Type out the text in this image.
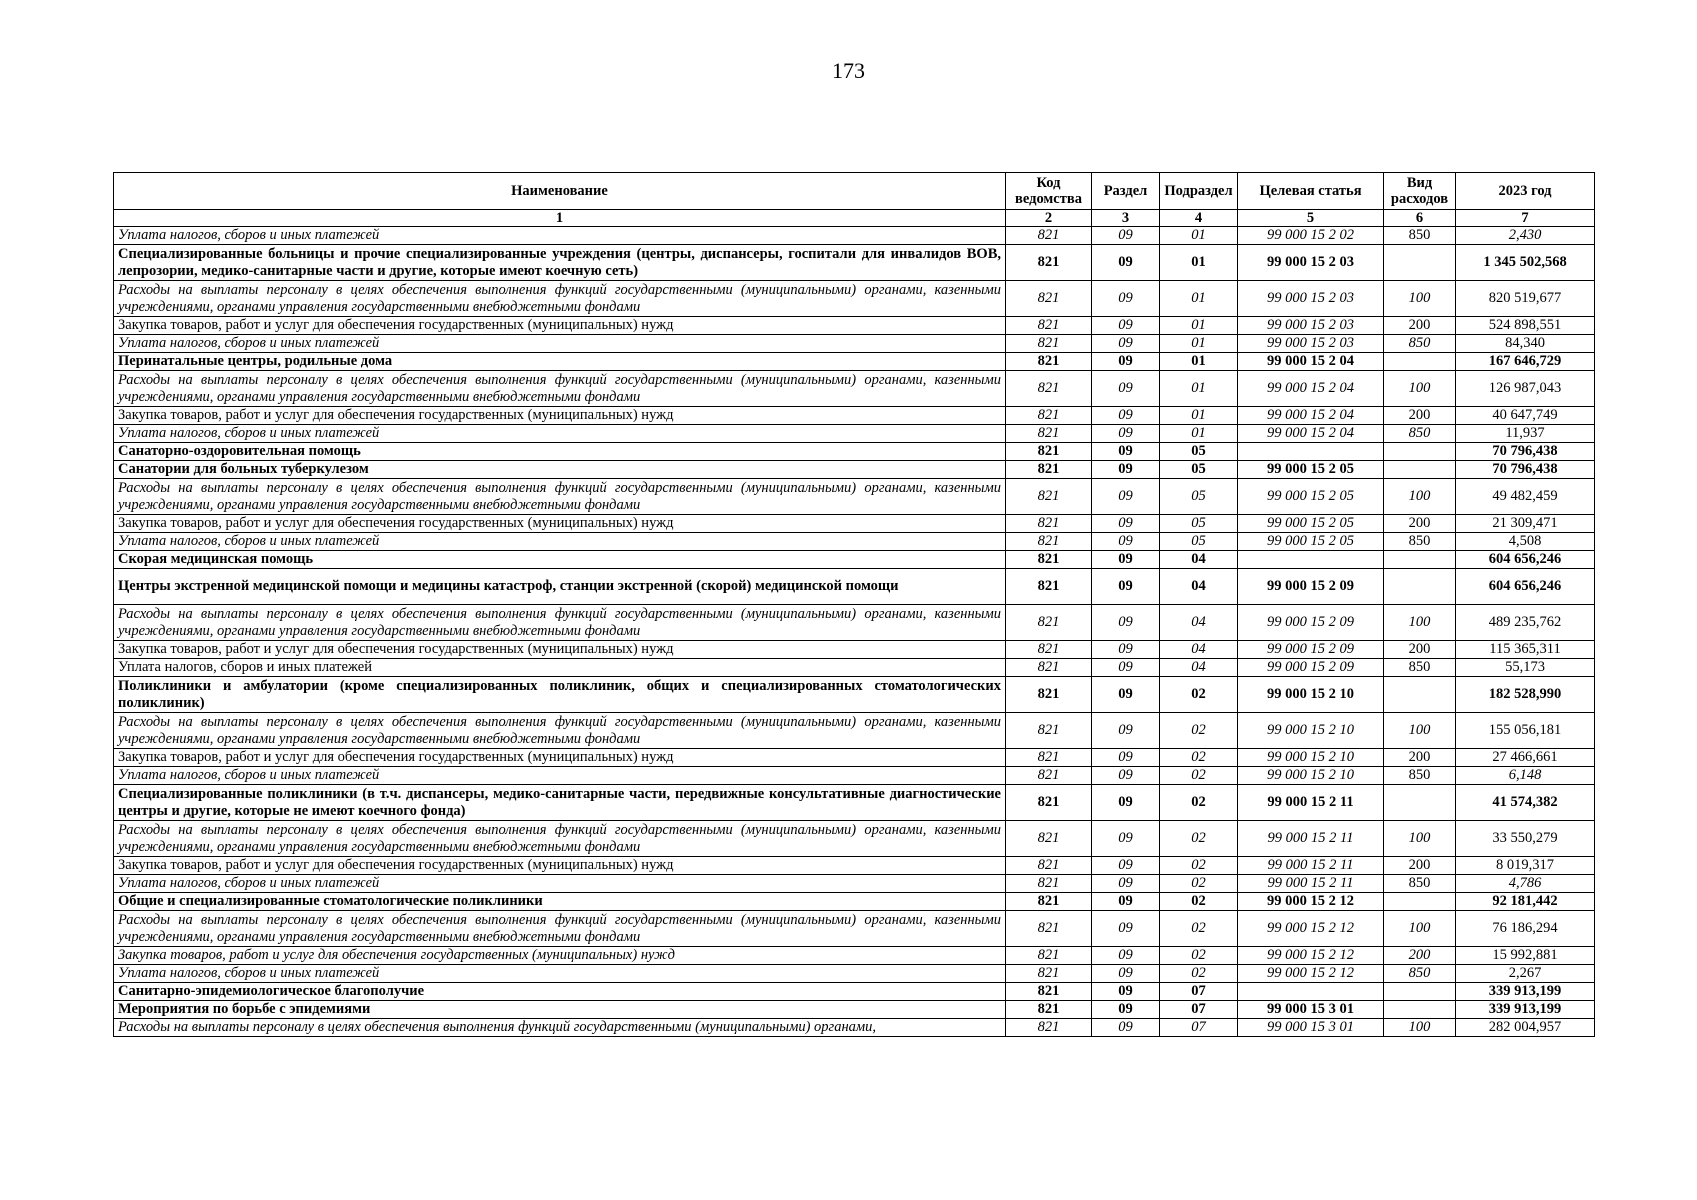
173
Наименование	Код ведомства	Раздел	Подраздел	Целевая статья	Вид расходов	2023 год
1	2	3	4	5	6	7
Уплата налогов, сборов и иных платежей	821	09	01	99 000 15 2 02	850	2,430
Специализированные больницы и прочие специализированные учреждения (центры, диспансеры, госпитали для инвалидов ВОВ, лепрозории, медико-санитарные части и другие, которые имеют коечную сеть)	821	09	01	99 000 15 2 03		1 345 502,568
Расходы на выплаты персоналу в целях обеспечения выполнения функций государственными (муниципальными) органами, казенными учреждениями, органами управления государственными внебюджетными фондами	821	09	01	99 000 15 2 03	100	820 519,677
Закупка товаров, работ и услуг для обеспечения государственных (муниципальных) нужд	821	09	01	99 000 15 2 03	200	524 898,551
Уплата налогов, сборов и иных платежей	821	09	01	99 000 15 2 03	850	84,340
Перинатальные центры, родильные дома	821	09	01	99 000 15 2 04		167 646,729
Расходы на выплаты персоналу в целях обеспечения выполнения функций государственными (муниципальными) органами, казенными учреждениями, органами управления государственными внебюджетными фондами	821	09	01	99 000 15 2 04	100	126 987,043
Закупка товаров, работ и услуг для обеспечения государственных (муниципальных) нужд	821	09	01	99 000 15 2 04	200	40 647,749
Уплата налогов, сборов и иных платежей	821	09	01	99 000 15 2 04	850	11,937
Санаторно-оздоровительная помощь	821	09	05			70 796,438
Санатории для больных туберкулезом	821	09	05	99 000 15 2 05		70 796,438
Расходы на выплаты персоналу в целях обеспечения выполнения функций государственными (муниципальными) органами, казенными учреждениями, органами управления государственными внебюджетными фондами	821	09	05	99 000 15 2 05	100	49 482,459
Закупка товаров, работ и услуг для обеспечения государственных (муниципальных) нужд	821	09	05	99 000 15 2 05	200	21 309,471
Уплата налогов, сборов и иных платежей	821	09	05	99 000 15 2 05	850	4,508
Скорая медицинская помощь	821	09	04			604 656,246
Центры экстренной медицинской помощи и медицины катастроф, станции экстренной (скорой) медицинской помощи	821	09	04	99 000 15 2 09		604 656,246
Расходы на выплаты персоналу в целях обеспечения выполнения функций государственными (муниципальными) органами, казенными учреждениями, органами управления государственными внебюджетными фондами	821	09	04	99 000 15 2 09	100	489 235,762
Закупка товаров, работ и услуг для обеспечения государственных (муниципальных) нужд	821	09	04	99 000 15 2 09	200	115 365,311
Уплата налогов, сборов и иных платежей	821	09	04	99 000 15 2 09	850	55,173
Поликлиники и амбулатории (кроме специализированных поликлиник, общих и специализированных стоматологических поликлиник)	821	09	02	99 000 15 2 10		182 528,990
Расходы на выплаты персоналу в целях обеспечения выполнения функций государственными (муниципальными) органами, казенными учреждениями, органами управления государственными внебюджетными фондами	821	09	02	99 000 15 2 10	100	155 056,181
Закупка товаров, работ и услуг для обеспечения государственных (муниципальных) нужд	821	09	02	99 000 15 2 10	200	27 466,661
Уплата налогов, сборов и иных платежей	821	09	02	99 000 15 2 10	850	6,148
Специализированные поликлиники (в т.ч. диспансеры, медико-санитарные части, передвижные консультативные диагностические центры и другие, которые не имеют коечного фонда)	821	09	02	99 000 15 2 11		41 574,382
Расходы на выплаты персоналу в целях обеспечения выполнения функций государственными (муниципальными) органами, казенными учреждениями, органами управления государственными внебюджетными фондами	821	09	02	99 000 15 2 11	100	33 550,279
Закупка товаров, работ и услуг для обеспечения государственных (муниципальных) нужд	821	09	02	99 000 15 2 11	200	8 019,317
Уплата налогов, сборов и иных платежей	821	09	02	99 000 15 2 11	850	4,786
Общие и специализированные стоматологические поликлиники	821	09	02	99 000 15 2 12		92 181,442
Расходы на выплаты персоналу в целях обеспечения выполнения функций государственными (муниципальными) органами, казенными учреждениями, органами управления государственными внебюджетными фондами	821	09	02	99 000 15 2 12	100	76 186,294
Закупка товаров, работ и услуг для обеспечения государственных (муниципальных) нужд	821	09	02	99 000 15 2 12	200	15 992,881
Уплата налогов, сборов и иных платежей	821	09	02	99 000 15 2 12	850	2,267
Санитарно-эпидемиологическое благополучие	821	09	07			339 913,199
Мероприятия по борьбе с эпидемиями	821	09	07	99 000 15 3 01		339 913,199
Расходы на выплаты персоналу в целях обеспечения выполнения функций государственными (муниципальными) органами,	821	09	07	99 000 15 3 01	100	282 004,957
